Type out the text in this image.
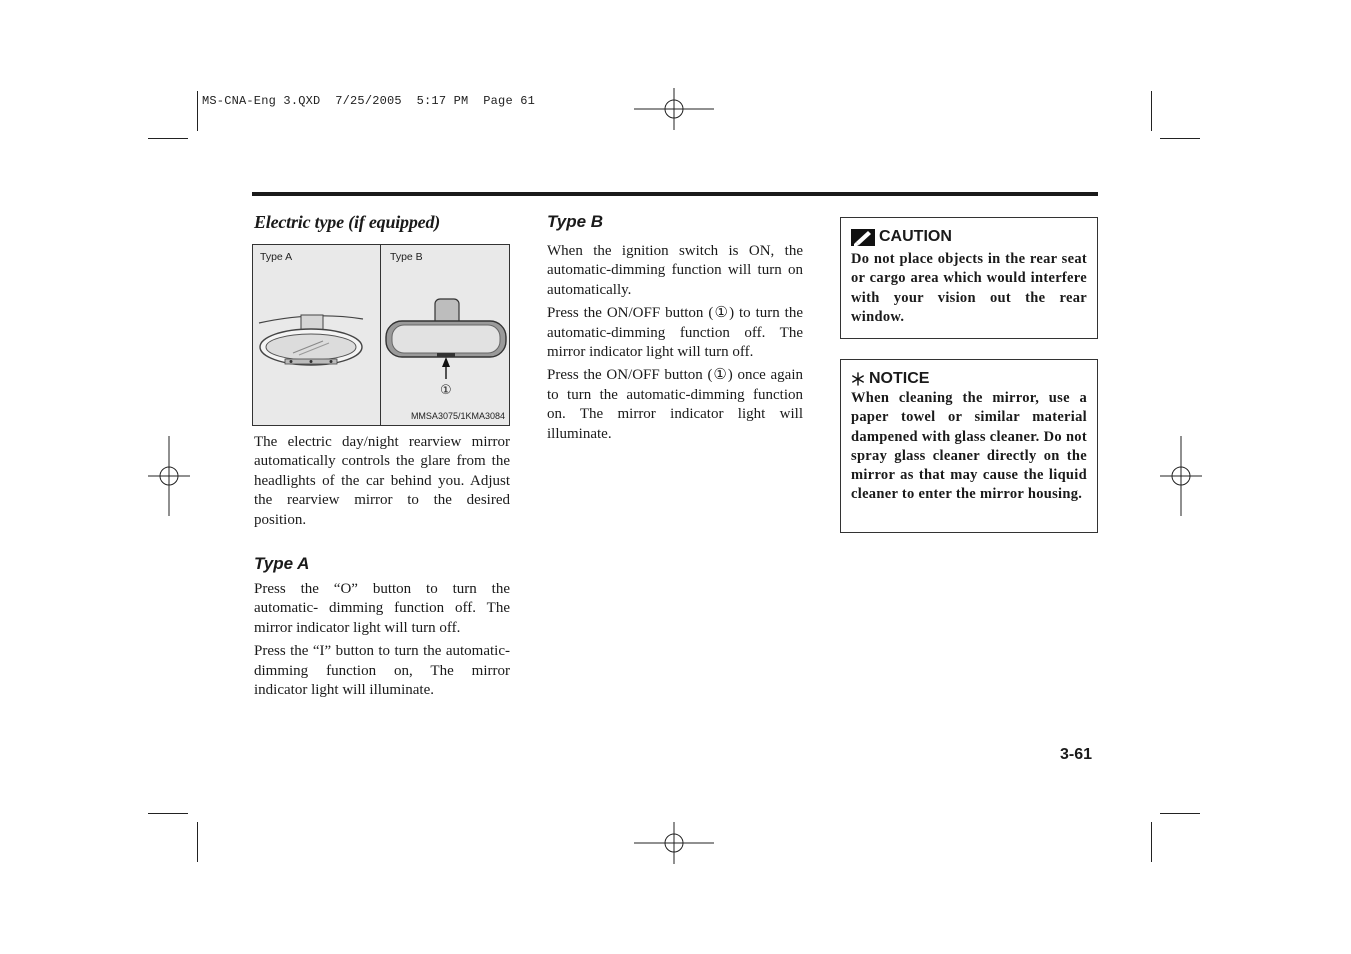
MS-CNA-Eng 3.QXD  7/25/2005  5:17 PM  Page 61
Electric type (if equipped)
Type A	Type B
①
MMSA3075/1KMA3084

The electric day/night rearview mirror automatically controls the glare from the headlights of the car behind you. Adjust the rearview mirror to the desired position.

Type A

Press the “O” button to turn the automatic- dimming function off. The mirror indicator light will turn off.

Press the “I” button to turn the automatic- dimming function on, The mirror indicator light will illuminate.

Type B

When the ignition switch is ON, the automatic-dimming function will turn on automatically.

Press the ON/OFF button (①) to turn the automatic-dimming function off. The mirror indicator light will turn off.

Press the ON/OFF button (①) once again to turn the automatic-dimming function on. The mirror indicator light will illuminate.

CAUTION
Do not place objects in the rear seat or cargo area which would interfere with your vision out the rear window.
NOTICE
When cleaning the mirror, use a paper towel or similar material dampened with glass cleaner. Do not spray glass cleaner directly on the mirror as that may cause the liquid cleaner to enter the mirror housing.
3-61
